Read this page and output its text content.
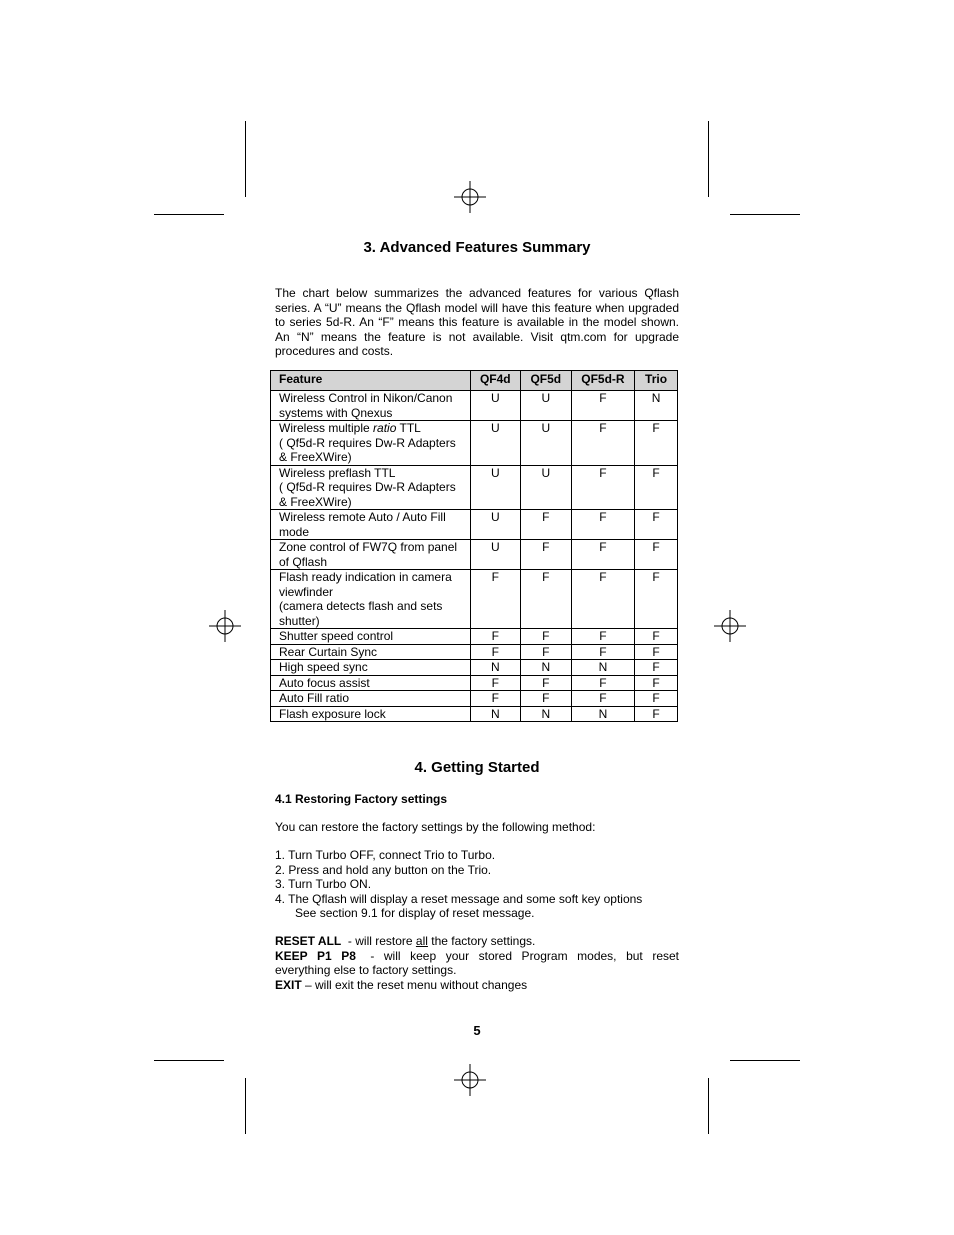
3. Advanced Features Summary

The chart below summarizes the advanced features for various Qflash series. A “U” means the Qflash model will have this feature when upgraded to series 5d-R. An “F” means this feature is available in the model shown. An “N” means the feature is not available. Visit qtm.com for upgrade procedures and costs.

Feature	QF4d	QF5d	QF5d-R	Trio
Wireless Control in Nikon/Canon
systems with Qnexus	U	U	F	N
Wireless multiple ratio TTL
( Qf5d-R requires Dw-R Adapters
& FreeXWire)	U	U	F	F
Wireless preflash TTL
( Qf5d-R requires Dw-R Adapters
& FreeXWire)	U	U	F	F
Wireless remote Auto / Auto Fill
mode	U	F	F	F
Zone control of FW7Q from panel
of Qflash	U	F	F	F
Flash ready indication in camera
viewfinder
(camera detects flash and sets
shutter)	F	F	F	F
Shutter speed control	F	F	F	F
Rear Curtain Sync	F	F	F	F
High speed sync	N	N	N	F
Auto focus assist	F	F	F	F
Auto Fill ratio	F	F	F	F
Flash exposure lock	N	N	N	F
4. Getting Started

4.1 Restoring Factory settings

You can restore the factory settings by the following method:

1. Turn Turbo OFF, connect Trio to Turbo.
2. Press and hold any button on the Trio.
3. Turn Turbo ON.
4. The Qflash will display a reset message and some soft key options
See section 9.1 for display of reset message.
RESET ALL  - will restore all the factory settings.
KEEP  P1  P8   -  will  keep  your  stored  Program  modes,  but  reset everything else to factory settings.
EXIT – will exit the reset menu without changes
5
